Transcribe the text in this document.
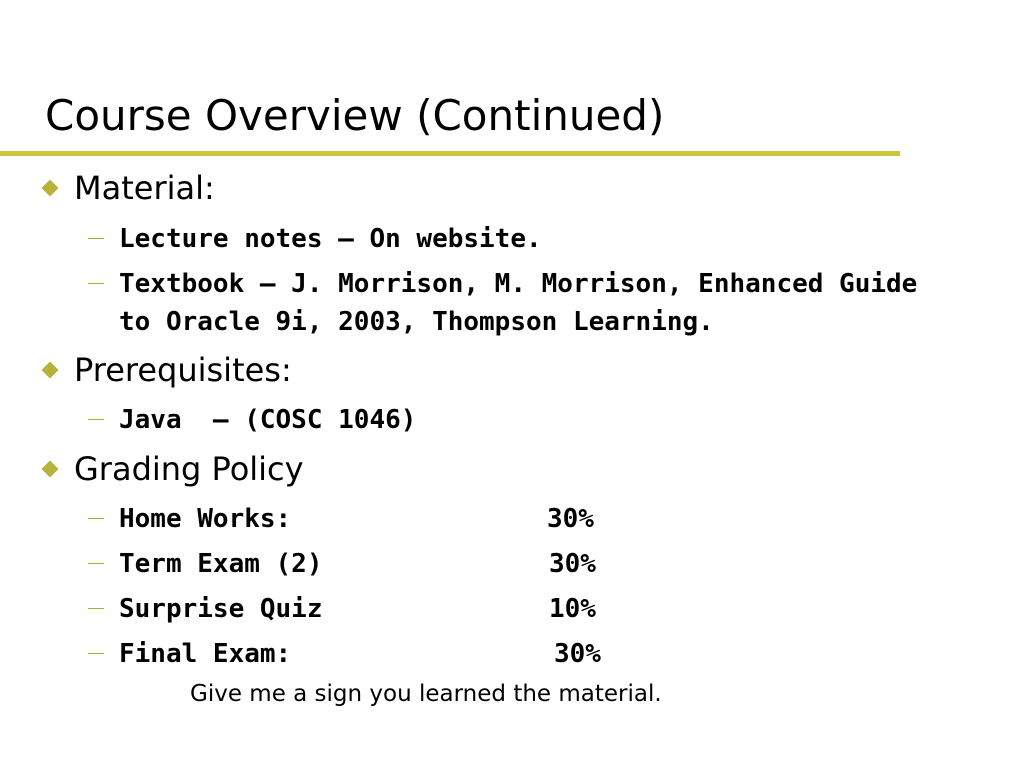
Course Overview (Continued)
Material:
Lecture notes – On website.
Textbook – J. Morrison, M. Morrison, Enhanced Guide
to Oracle 9i, 2003, Thompson Learning.
Prerequisites:
Java  – (COSC 1046)
Grading Policy
Home Works:	30%
Term Exam (2)	30%
Surprise Quiz	10%
Final Exam:	30%
Give me a sign you learned the material.
